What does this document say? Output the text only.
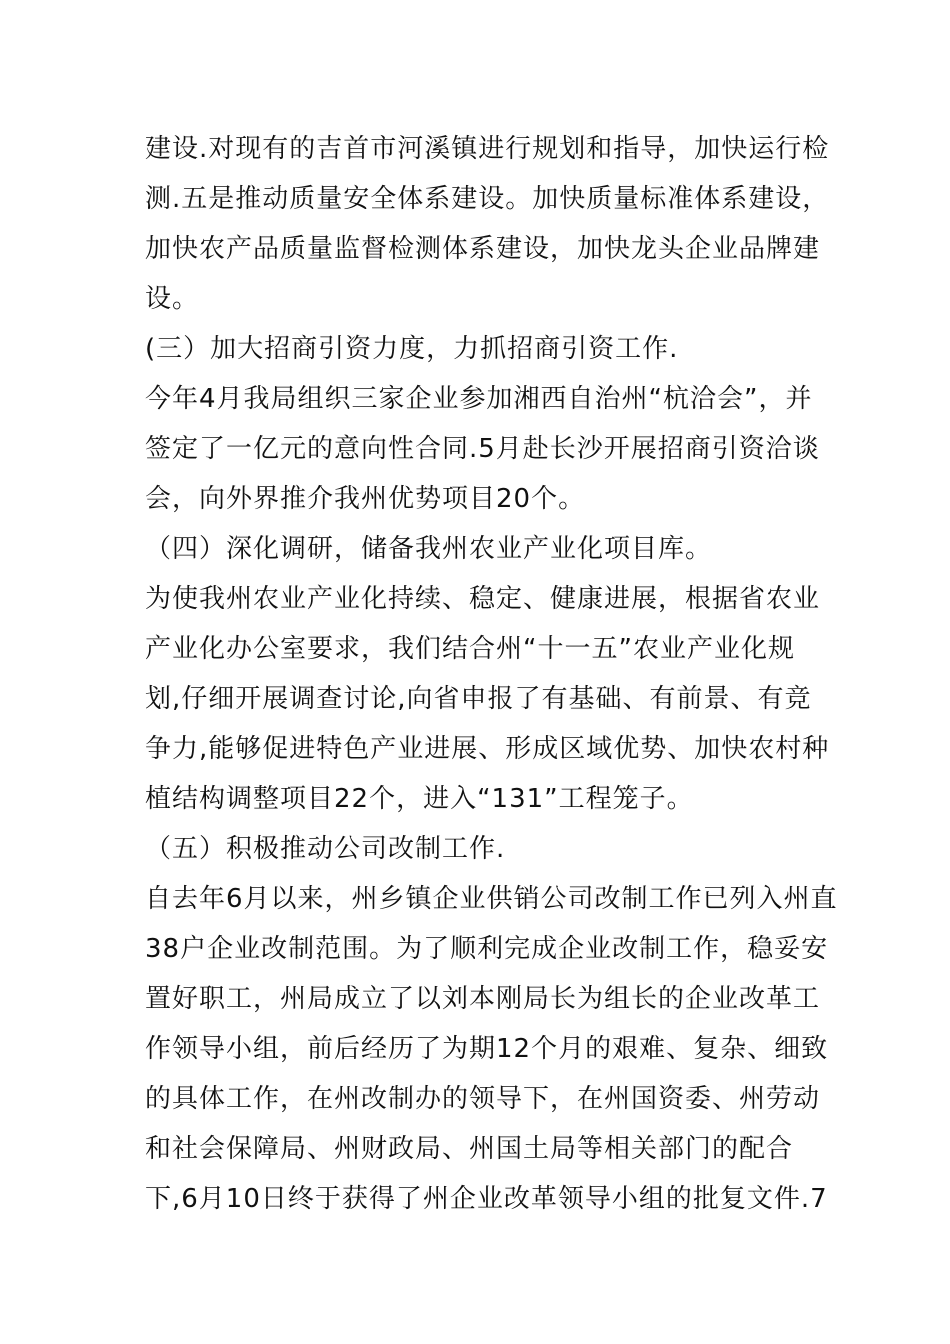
建设.对现有的吉首市河溪镇进行规划和指导，加快运行检
测.五是推动质量安全体系建设。加快质量标准体系建设，
加快农产品质量监督检测体系建设，加快龙头企业品牌建
设。
(三）加大招商引资力度，力抓招商引资工作.
今年4月我局组织三家企业参加湘西自治州“杭洽会”，并
签定了一亿元的意向性合同.5月赴长沙开展招商引资洽谈
会，向外界推介我州优势项目20个。
（四）深化调研，储备我州农业产业化项目库。
为使我州农业产业化持续、稳定、健康进展，根据省农业
产业化办公室要求，我们结合州“十一五”农业产业化规
划,仔细开展调查讨论,向省申报了有基础、有前景、有竞
争力,能够促进特色产业进展、形成区域优势、加快农村种
植结构调整项目22个，进入“131”工程笼子。
（五）积极推动公司改制工作.
自去年6月以来，州乡镇企业供销公司改制工作已列入州直
38户企业改制范围。为了顺利完成企业改制工作，稳妥安
置好职工，州局成立了以刘本刚局长为组长的企业改革工
作领导小组，前后经历了为期12个月的艰难、复杂、细致
的具体工作，在州改制办的领导下，在州国资委、州劳动
和社会保障局、州财政局、州国土局等相关部门的配合
下,6月10日终于获得了州企业改革领导小组的批复文件.7
